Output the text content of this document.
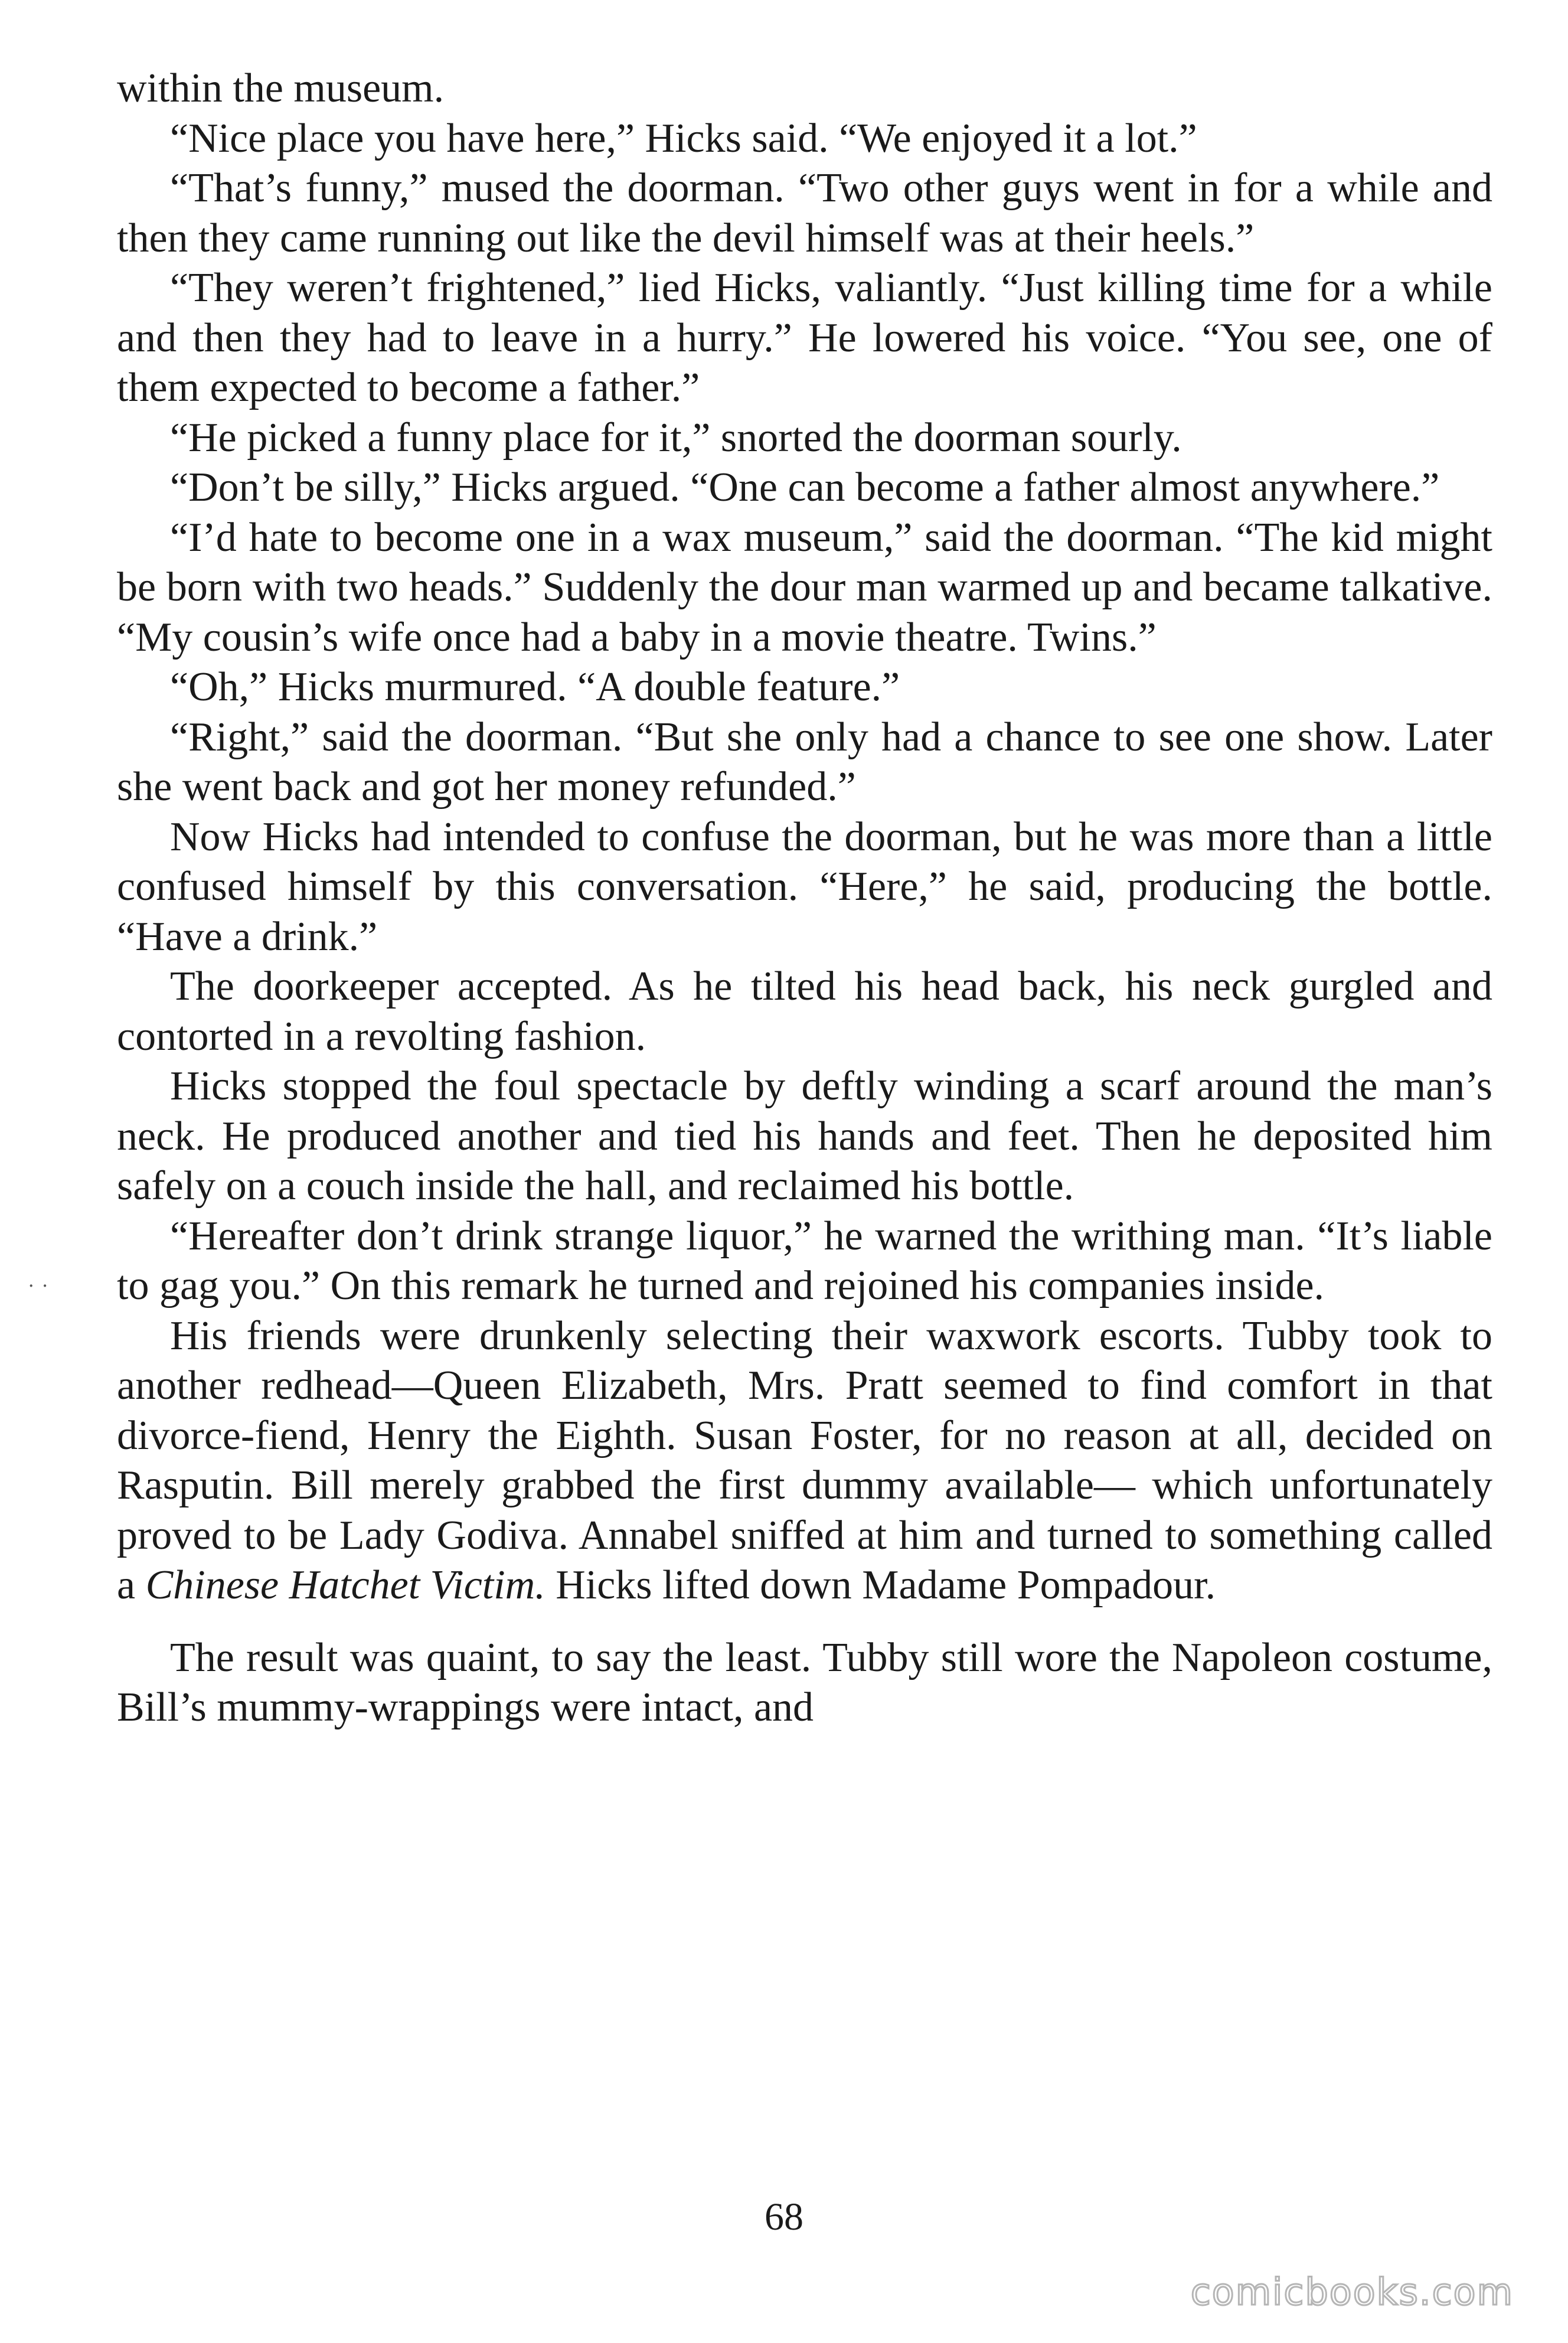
within the museum.

“Nice place you have here,” Hicks said. “We enjoyed it a lot.”

“That’s funny,” mused the doorman. “Two other guys went in for a while and then they came running out like the devil himself was at their heels.”

“They weren’t frightened,” lied Hicks, valiantly. “Just killing time for a while and then they had to leave in a hurry.” He lowered his voice. “You see, one of them expected to become a father.”

“He picked a funny place for it,” snorted the doorman sourly.

“Don’t be silly,” Hicks argued. “One can become a father almost anywhere.”

“I’d hate to become one in a wax museum,” said the doorman. “The kid might be born with two heads.” Suddenly the dour man warmed up and became talkative. “My cousin’s wife once had a baby in a movie theatre. Twins.”

“Oh,” Hicks murmured. “A double feature.”

“Right,” said the doorman. “But she only had a chance to see one show. Later she went back and got her money refunded.”

Now Hicks had intended to confuse the doorman, but he was more than a little confused himself by this conversation. “Here,” he said, producing the bottle. “Have a drink.”

The doorkeeper accepted. As he tilted his head back, his neck gurgled and contorted in a revolting fashion.

Hicks stopped the foul spectacle by deftly winding a scarf around the man’s neck. He produced another and tied his hands and feet. Then he deposited him safely on a couch inside the hall, and reclaimed his bottle.

“Hereafter don’t drink strange liquor,” he warned the writhing man. “It’s liable to gag you.” On this remark he turned and rejoined his companies inside.

His friends were drunkenly selecting their waxwork escorts. Tubby took to another redhead—Queen Elizabeth, Mrs. Pratt seemed to find comfort in that divorce-fiend, Henry the Eighth. Susan Foster, for no reason at all, decided on Rasputin. Bill merely grabbed the first dummy available— which unfortunately proved to be Lady Godiva. Annabel sniffed at him and turned to something called a Chinese Hatchet Victim. Hicks lifted down Madame Pompadour.

The result was quaint, to say the least. Tubby still wore the Napoleon costume, Bill’s mummy-wrappings were intact, and

˙ ˙
68
comicbooks.com
